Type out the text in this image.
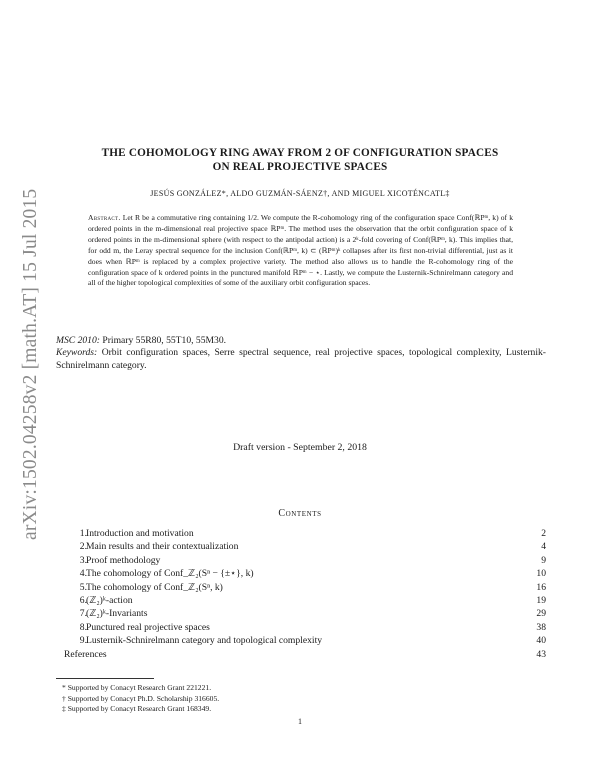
arXiv:1502.04258v2 [math.AT] 15 Jul 2015
THE COHOMOLOGY RING AWAY FROM 2 OF CONFIGURATION SPACES
ON REAL PROJECTIVE SPACES
JESÚS GONZÁLEZ*, ALDO GUZMÁN-SÁENZ†, AND MIGUEL XICOTÉNCATL‡
Abstract. Let R be a commutative ring containing 1/2. We compute the R-cohomology ring of the configuration space Conf(ℝPᵐ, k) of k ordered points in the m-dimensional real projective space ℝPᵐ. The method uses the observation that the orbit configuration space of k ordered points in the m-dimensional sphere (with respect to the antipodal action) is a 2ᵏ-fold covering of Conf(ℝPᵐ, k). This implies that, for odd m, the Leray spectral sequence for the inclusion Conf(ℝPᵐ, k) ⊂ (ℝPᵐ)ᵏ collapses after its first non-trivial differential, just as it does when ℝPᵐ is replaced by a complex projective variety. The method also allows us to handle the R-cohomology ring of the configuration space of k ordered points in the punctured manifold ℝPᵐ − ⋆. Lastly, we compute the Lusternik-Schnirelmann category and all of the higher topological complexities of some of the auxiliary orbit configuration spaces.
MSC 2010: Primary 55R80, 55T10, 55M30.
Keywords: Orbit configuration spaces, Serre spectral sequence, real projective spaces, topological complexity, Lusternik-Schnirelmann category.
Draft version - September 2, 2018
Contents
1. Introduction and motivation	2
2. Main results and their contextualization	4
3. Proof methodology	9
4. The cohomology of Conf_ℤ₂(Sⁿ − {±⋆}, k)	10
5. The cohomology of Conf_ℤ₂(Sⁿ, k)	16
6. (ℤ₂)ᵏ-action	19
7. (ℤ₂)ᵏ-Invariants	29
8. Punctured real projective spaces	38
9. Lusternik-Schnirelmann category and topological complexity	40
References	43
* Supported by Conacyt Research Grant 221221.
† Supported by Conacyt Ph.D. Scholarship 316605.
‡ Supported by Conacyt Research Grant 168349.
1
